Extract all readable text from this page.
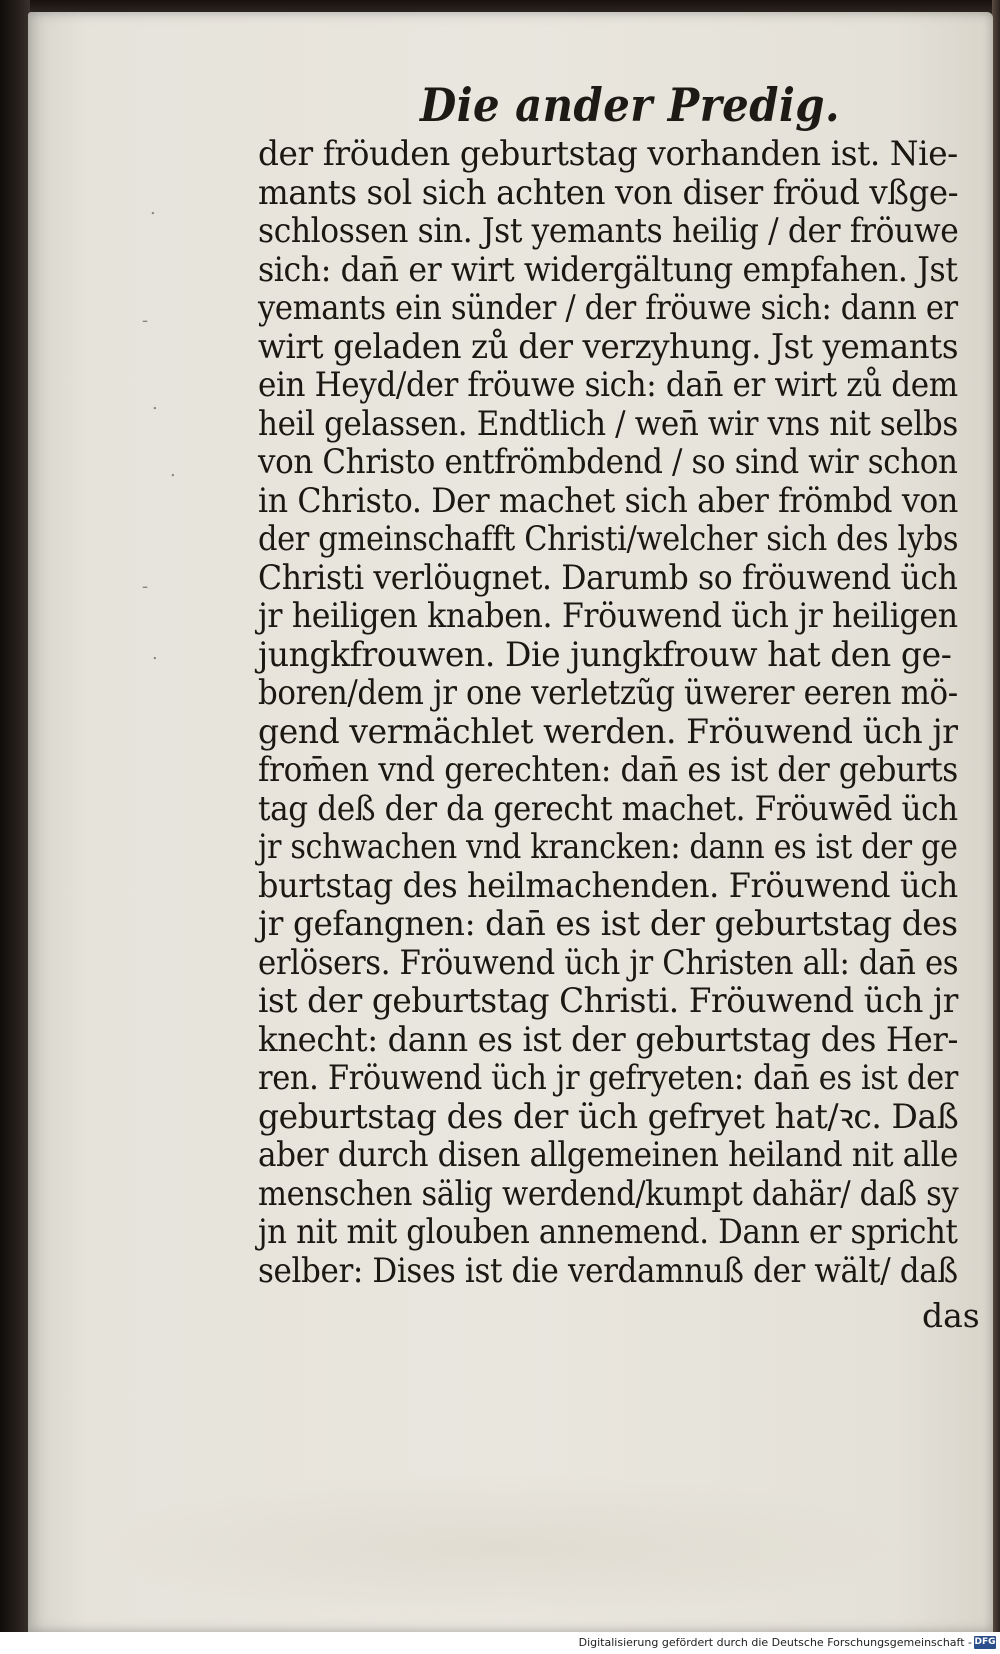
.
-
.
.
-
.
Die ander Predig.
der fröuden geburtstag vorhanden ist. Nie-
mants sol sich achten von diser fröud vßge-
schlossen sin. Jst yemants heilig / der fröuwe
sich: dan̄ er wirt widergältung empfahen. Jst
yemants ein sünder / der fröuwe sich: dann er
wirt geladen zů der verzyhung. Jst yemants
ein Heyd/der fröuwe sich: dan̄ er wirt zů dem
heil gelassen. Endtlich / wen̄ wir vns nit selbs
von Christo entfrömbdend / so sind wir schon
in Christo. Der machet sich aber frömbd von
der gmeinschafft Christi/welcher sich des lybs
Christi verlöugnet. Darumb so fröuwend üch
jr heiligen knaben. Fröuwend üch jr heiligen
jungkfrouwen. Die jungkfrouw hat den ge-
boren/dem jr one verletzũg üwerer eeren mö-
gend vermächlet werden. Fröuwend üch jr
from̄en vnd gerechten: dan̄ es ist der geburts
tag deß der da gerecht machet. Fröuwēd üch
jr schwachen vnd krancken: dann es ist der ge
burtstag des heilmachenden. Fröuwend üch
jr gefangnen: dan̄ es ist der geburtstag des
erlösers. Fröuwend üch jr Christen all: dan̄ es
ist der geburtstag Christi. Fröuwend üch jr
knecht: dann es ist der geburtstag des Her-
ren. Fröuwend üch jr gefryeten: dan̄ es ist der
geburtstag des der üch gefryet hat/ꝛc. Daß
aber durch disen allgemeinen heiland nit alle
menschen sälig werdend/kumpt dahär/ daß sy
jn nit mit glouben annemend. Dann er spricht
selber: Dises ist die verdamnuß der wält/ daß
das
Digitalisierung gefördert durch die Deutsche Forschungsgemeinschaft - DFG
